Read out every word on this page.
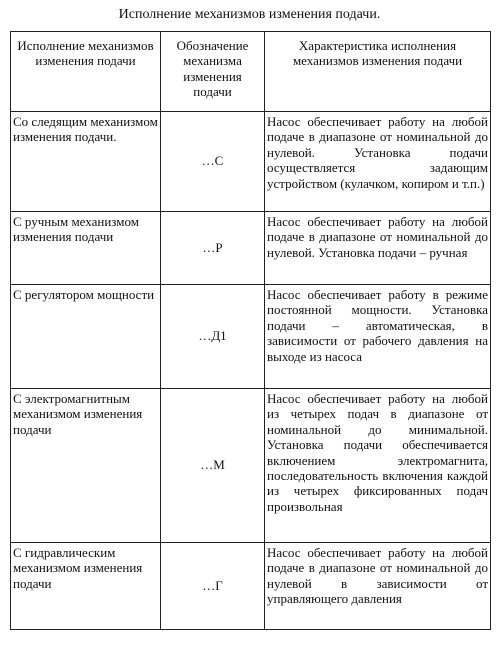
Исполнение механизмов изменения подачи.
Исполнение механизмов изменения подачи	Обозначение механизма изменения подачи	Характеристика исполнения механизмов изменения подачи
Со следящим механизмом изменения подачи.	…С	Насос обеспечивает работу на любой подаче в диапазоне от номинальной до нулевой. Установка подачи осуществляется задающим устройством (кулачком, копиром и т.п.)
С ручным механизмом изменения подачи	…Р	Насос обеспечивает работу на любой подаче в диапазоне от номинальной до нулевой. Установка подачи – ручная
С регулятором мощности	…Д1	Насос обеспечивает работу в режиме постоянной мощности. Установка подачи – автоматическая, в зависимости от рабочего давления на выходе из насоса
С электромагнитным механизмом изменения подачи	…М	Насос обеспечивает работу на любой из четырех подач в диапазоне от номинальной до минимальной. Установка подачи обеспечивается включением электромагнита, последовательность включения каждой из четырех фиксированных подач произвольная
С гидравлическим механизмом изменения подачи	…Г	Насос обеспечивает работу на любой подаче в диапазоне от номинальной до нулевой в зависимости от управляющего давления
